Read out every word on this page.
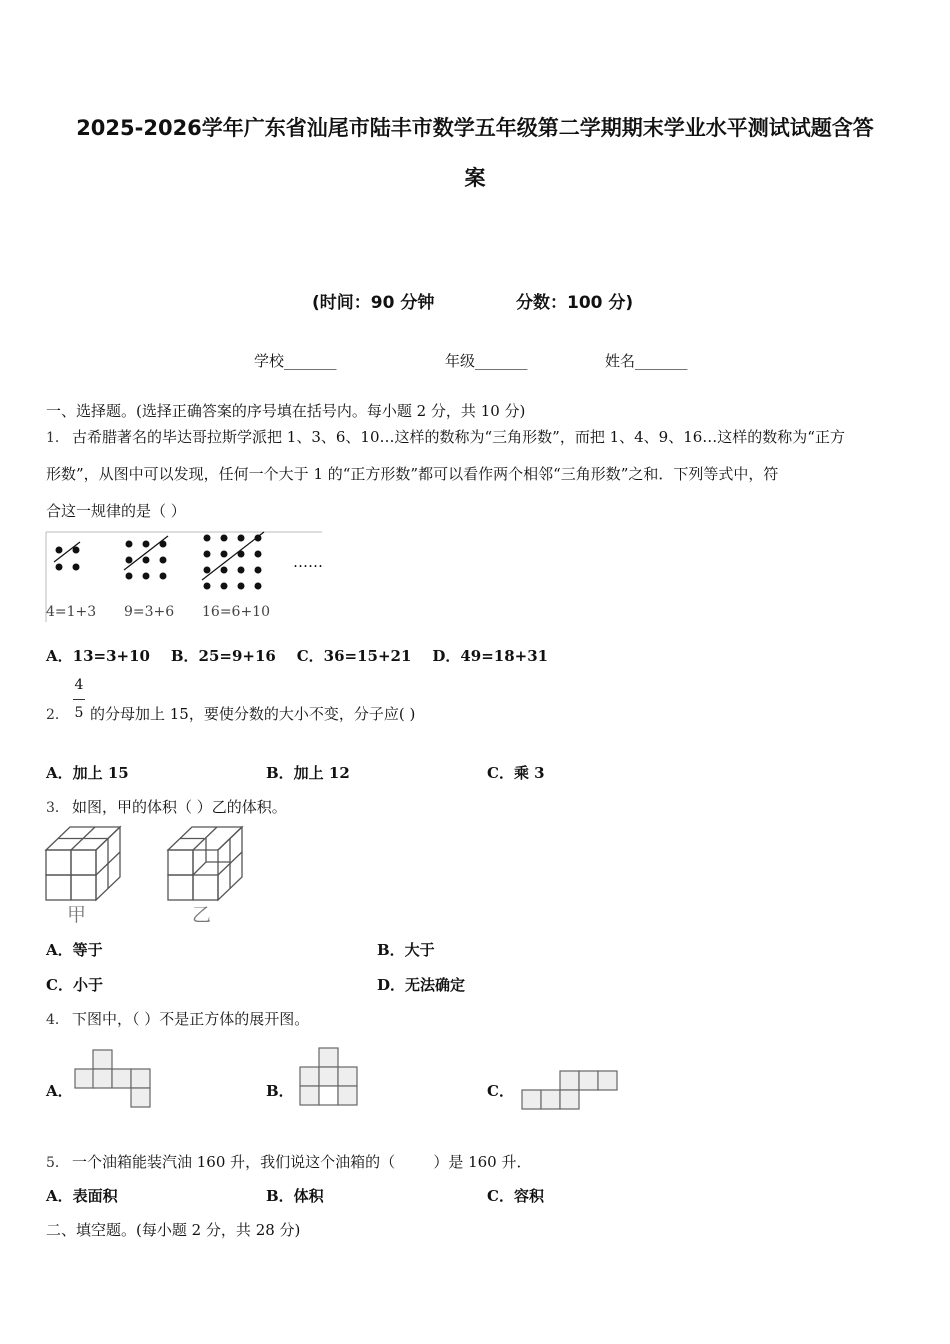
2025-2026学年广东省汕尾市陆丰市数学五年级第二学期期末学业水平测试试题含答
案
(时间：90 分钟	分数：100 分)
学校_______	年级_______	姓名_______
一、选择题。(选择正确答案的序号填在括号内。每小题 2 分，共 10 分)
1． 古希腊著名的毕达哥拉斯学派把 1、3、6、10…这样的数称为“三角形数”，而把 1、4、9、16…这样的数称为“正方
形数”，从图中可以发现，任何一个大于 1 的“正方形数”都可以看作两个相邻“三角形数”之和．下列等式中，符
合这一规律的是（ ）
……
4=1+3 9=3+6 16=6+10
A．13=3+10    B．25=9+16    C．36=15+21    D．49=18+31
2．
4
5 的分母加上 15，要使分数的大小不变，分子应( )
A．加上 15	B．加上 12	C．乘 3
3． 如图，甲的体积（ ）乙的体积。
甲	乙
A．等于	B．大于
C．小于	D．无法确定
4． 下图中，（ ）不是正方体的展开图。
A．	B．	C．
5． 一个油箱能装汽油 160 升，我们说这个油箱的（        ）是 160 升．
A．表面积	B．体积	C．容积
二、填空题。(每小题 2 分，共 28 分)
